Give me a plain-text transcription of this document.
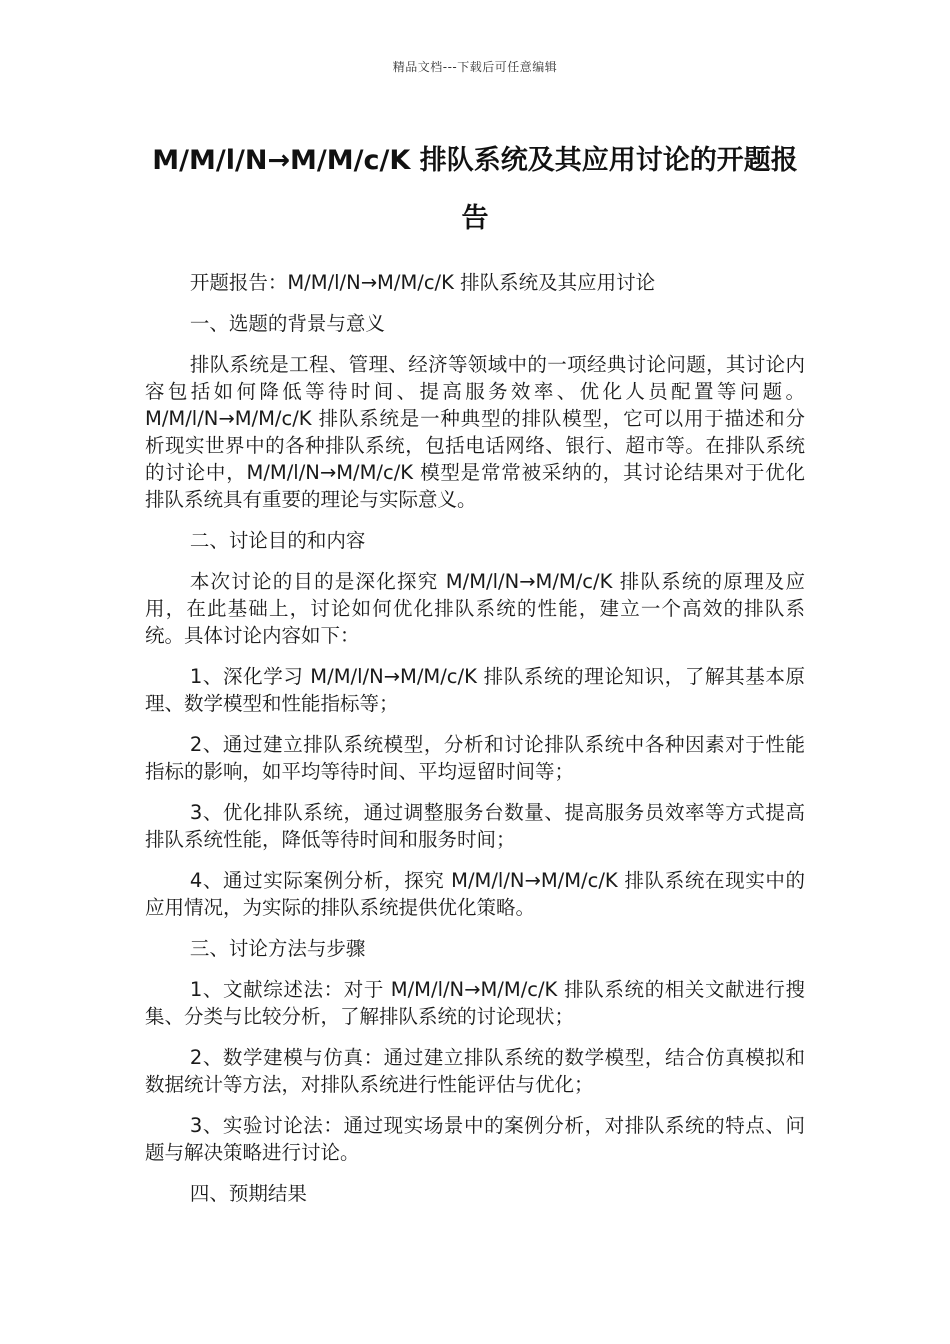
精品文档---下载后可任意编辑
M/M/l/N→M/M/c/K 排队系统及其应用讨论的开题报告

开题报告：M/M/l/N→M/M/c/K 排队系统及其应用讨论

一、选题的背景与意义

排队系统是工程、管理、经济等领域中的一项经典讨论问题，其讨论内容包括如何降低等待时间、提高服务效率、优化人员配置等问题。M/M/l/N→M/M/c/K 排队系统是一种典型的排队模型，它可以用于描述和分析现实世界中的各种排队系统，包括电话网络、银行、超市等。在排队系统的讨论中，M/M/l/N→M/M/c/K 模型是常常被采纳的，其讨论结果对于优化排队系统具有重要的理论与实际意义。

二、讨论目的和内容

本次讨论的目的是深化探究 M/M/l/N→M/M/c/K 排队系统的原理及应用，在此基础上，讨论如何优化排队系统的性能，建立一个高效的排队系统。具体讨论内容如下：

1、深化学习 M/M/l/N→M/M/c/K 排队系统的理论知识，了解其基本原理、数学模型和性能指标等；

2、通过建立排队系统模型，分析和讨论排队系统中各种因素对于性能指标的影响，如平均等待时间、平均逗留时间等；

3、优化排队系统，通过调整服务台数量、提高服务员效率等方式提高排队系统性能，降低等待时间和服务时间；

4、通过实际案例分析，探究 M/M/l/N→M/M/c/K 排队系统在现实中的应用情况，为实际的排队系统提供优化策略。

三、讨论方法与步骤

1、文献综述法：对于 M/M/l/N→M/M/c/K 排队系统的相关文献进行搜集、分类与比较分析，了解排队系统的讨论现状；

2、数学建模与仿真：通过建立排队系统的数学模型，结合仿真模拟和数据统计等方法，对排队系统进行性能评估与优化；

3、实验讨论法：通过现实场景中的案例分析，对排队系统的特点、问题与解决策略进行讨论。

四、预期结果
